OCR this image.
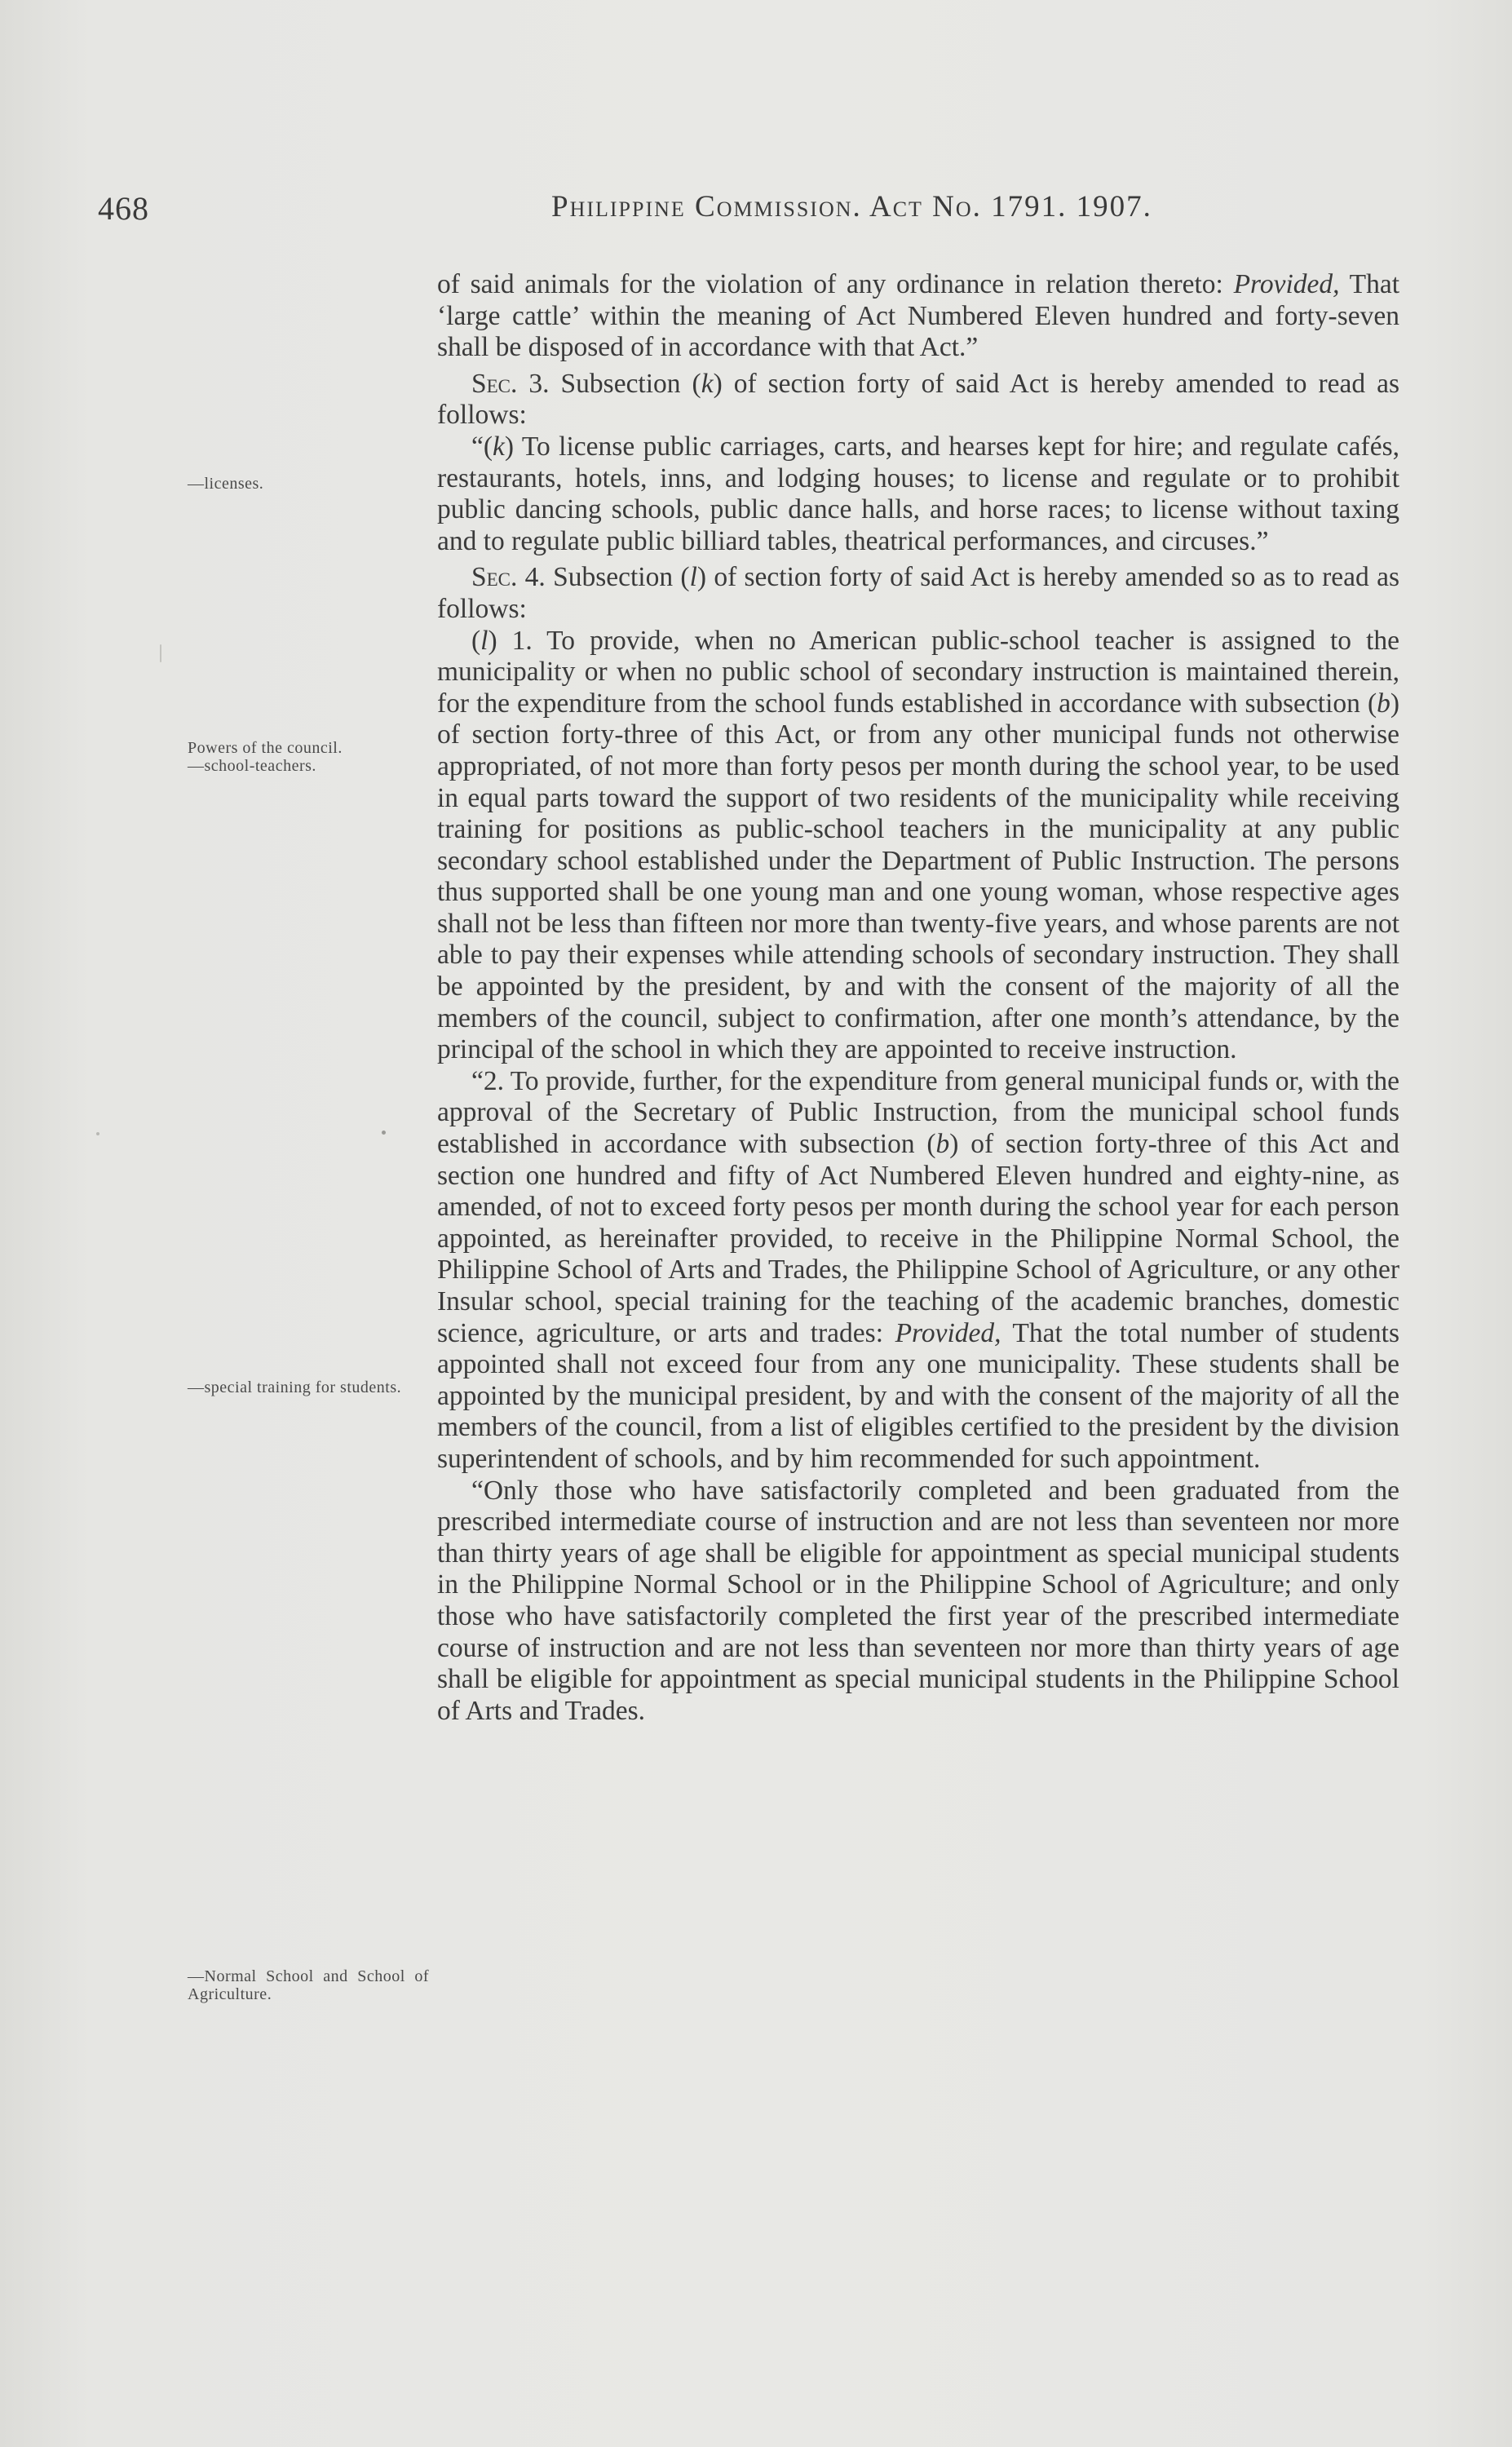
468	Philippine Commission. Act No. 1791. 1907.
—licenses.
Powers of the council.
—school-teachers.
—special training for students.
—Normal School and School of Agriculture.

of said animals for the violation of any ordinance in relation thereto: Provided, That ‘large cattle’ within the meaning of Act Numbered Eleven hundred and forty-seven shall be disposed of in accordance with that Act.”

Sec. 3. Subsection (k) of section forty of said Act is hereby amended to read as follows:

“(k) To license public carriages, carts, and hearses kept for hire; and regulate cafés, restaurants, hotels, inns, and lodging houses; to license and regulate or to prohibit public dancing schools, public dance halls, and horse races; to license without taxing and to regulate public billiard tables, theatrical performances, and circuses.”

Sec. 4. Subsection (l) of section forty of said Act is hereby amended so as to read as follows:

(l) 1. To provide, when no American public-school teacher is assigned to the municipality or when no public school of secondary instruction is maintained therein, for the expenditure from the school funds established in accordance with subsection (b) of section forty-three of this Act, or from any other municipal funds not otherwise appropriated, of not more than forty pesos per month during the school year, to be used in equal parts toward the support of two residents of the municipality while receiving training for positions as public-school teachers in the municipality at any public secondary school established under the Department of Public Instruction. The persons thus supported shall be one young man and one young woman, whose respective ages shall not be less than fifteen nor more than twenty-five years, and whose parents are not able to pay their expenses while attending schools of secondary instruction. They shall be appointed by the president, by and with the consent of the majority of all the members of the council, subject to confirmation, after one month’s attendance, by the principal of the school in which they are appointed to receive instruction.

“2. To provide, further, for the expenditure from general municipal funds or, with the approval of the Secretary of Public Instruction, from the municipal school funds established in accordance with subsection (b) of section forty-three of this Act and section one hundred and fifty of Act Numbered Eleven hundred and eighty-nine, as amended, of not to exceed forty pesos per month during the school year for each person appointed, as hereinafter provided, to receive in the Philippine Normal School, the Philippine School of Arts and Trades, the Philippine School of Agriculture, or any other Insular school, special training for the teaching of the academic branches, domestic science, agriculture, or arts and trades: Provided, That the total number of students appointed shall not exceed four from any one municipality. These students shall be appointed by the municipal president, by and with the consent of the majority of all the members of the council, from a list of eligibles certified to the president by the division superintendent of schools, and by him recommended for such appointment.

“Only those who have satisfactorily completed and been graduated from the prescribed intermediate course of instruction and are not less than seventeen nor more than thirty years of age shall be eligible for appointment as special municipal students in the Philippine Normal School or in the Philippine School of Agriculture; and only those who have satisfactorily completed the first year of the prescribed intermediate course of instruction and are not less than seventeen nor more than thirty years of age shall be eligible for appointment as special municipal students in the Philippine School of Arts and Trades.
